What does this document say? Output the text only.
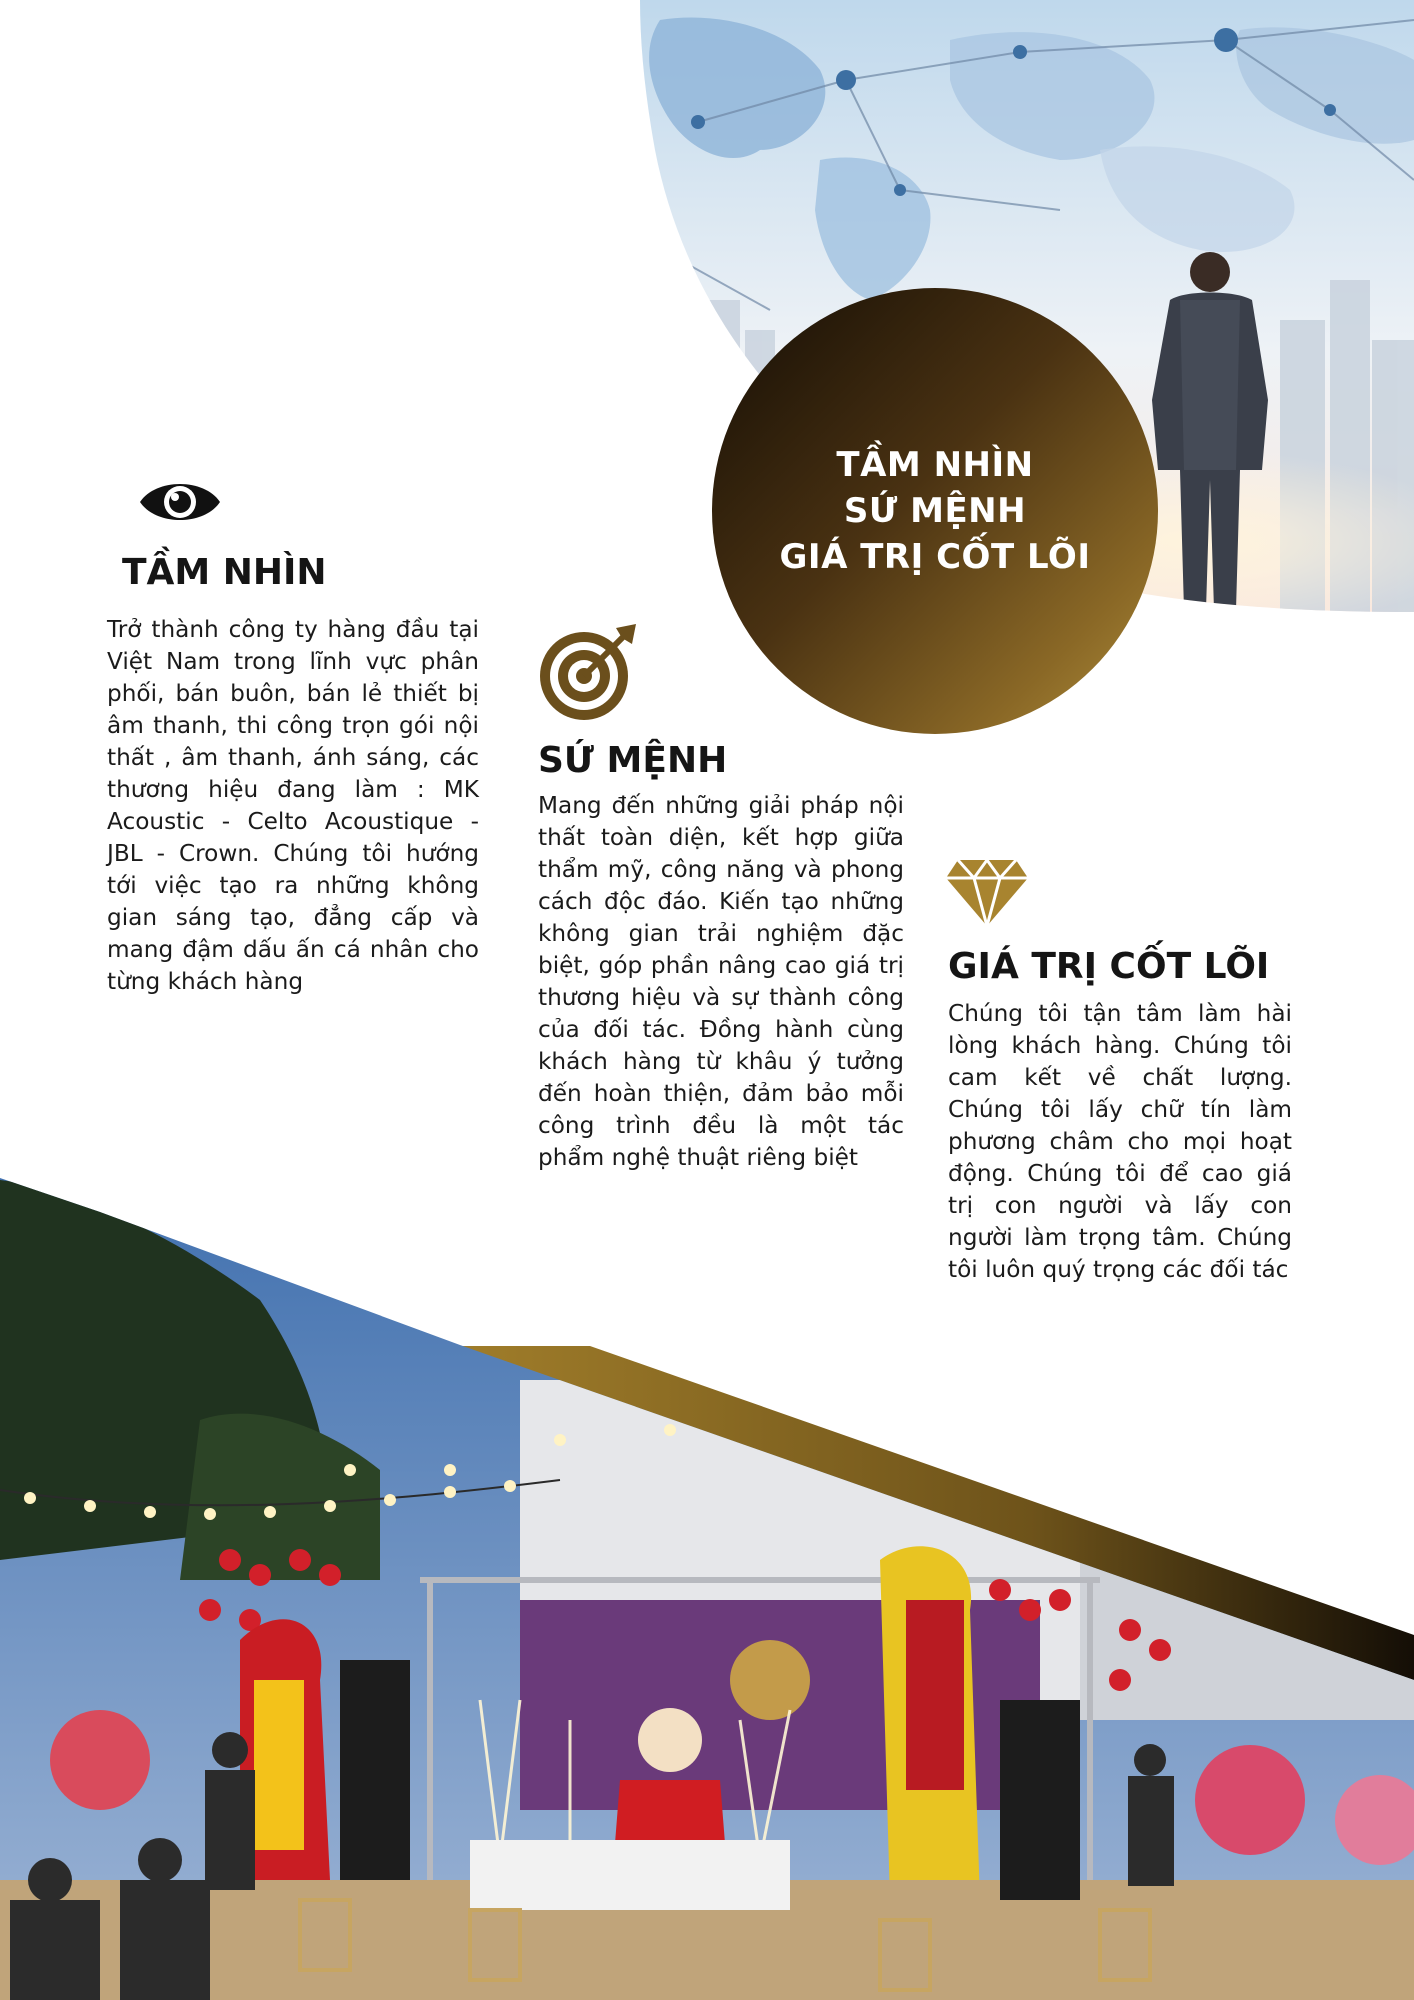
TẦM NHÌN
SỨ MỆNH
GIÁ TRỊ CỐT LÕI
TẦM NHÌN
Trở thành công ty hàng đầu tại Việt Nam trong lĩnh vực phân phối, bán buôn, bán lẻ thiết bị âm thanh, thi công trọn gói nội thất , âm thanh, ánh sáng, các thương hiệu đang làm : MK Acoustic - Celto Acoustique - JBL - Crown. Chúng tôi hướng tới việc tạo ra những không gian sáng tạo, đẳng cấp và mang đậm dấu ấn cá nhân cho từng khách hàng
SỨ MỆNH
Mang đến những giải pháp nội thất toàn diện, kết hợp giữa thẩm mỹ, công năng và phong cách độc đáo. Kiến tạo những không gian trải nghiệm đặc biệt, góp phần nâng cao giá trị thương hiệu và sự thành công của đối tác. Đồng hành cùng khách hàng từ khâu ý tưởng đến hoàn thiện, đảm bảo mỗi công trình đều là một tác phẩm nghệ thuật riêng biệt
GIÁ TRỊ CỐT LÕI
Chúng tôi tận tâm làm hài lòng khách hàng. Chúng tôi cam kết về chất lượng. Chúng tôi lấy chữ tín làm phương châm cho mọi hoạt động. Chúng tôi để cao giá trị con người và lấy con người làm trọng tâm. Chúng tôi luôn quý trọng các đối tác
